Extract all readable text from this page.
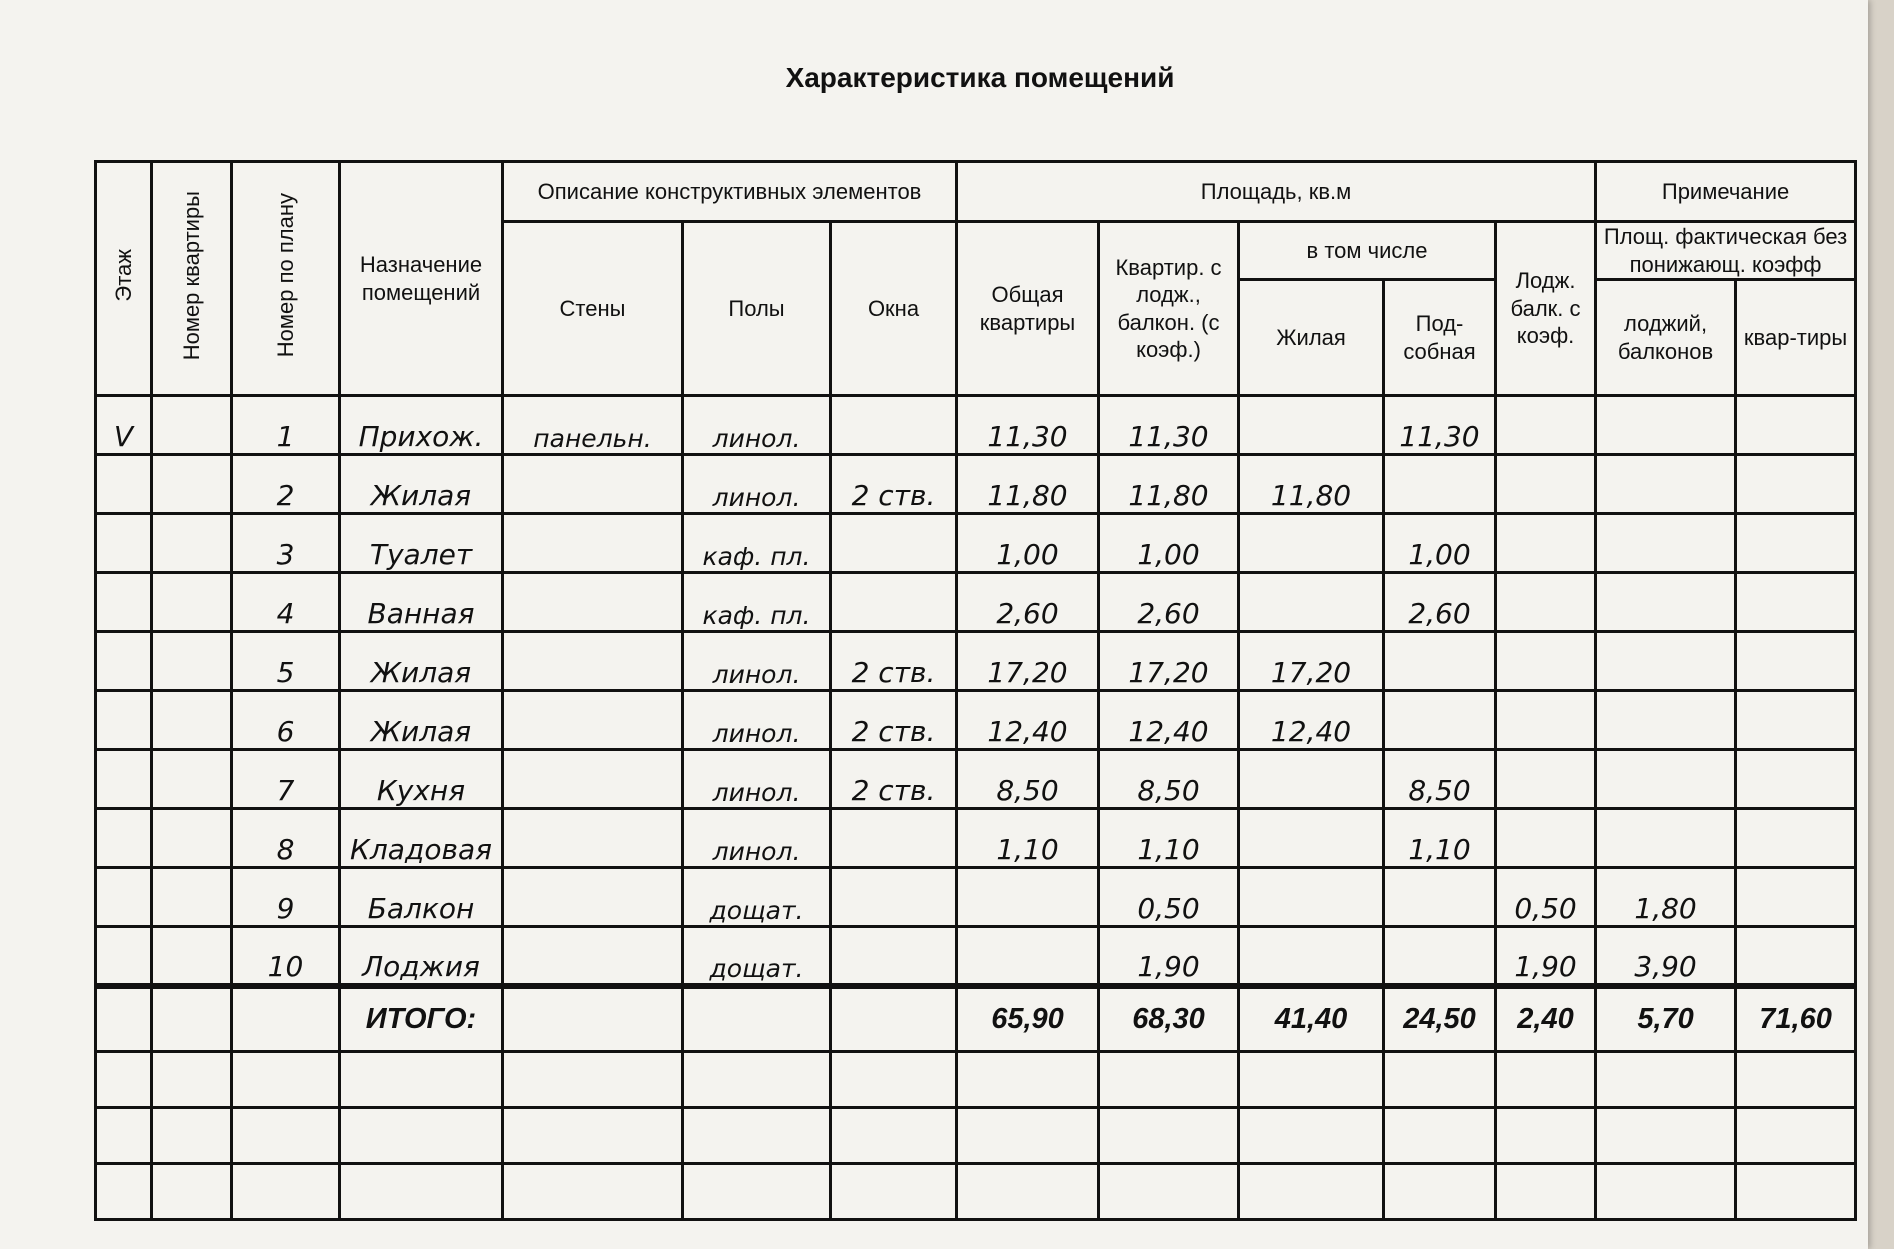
Характеристика помещений
Этаж	Номер квартиры	Номер по плану	Назначение помещений	Описание конструктивных элементов			Площадь, кв.м					Примечание	
				Стены	Полы	Окна	Общая квартиры	Квартир. с лодж., балкон. (с коэф.)	в том числе		Лодж. балк. с коэф.	Площ. фактическая без понижающ. коэфф	
									Жилая	Под-собная		лоджий, балконов	квар-тиры

V		1	Прихож.	панельн.	линол.		11,30	11,30		11,30			
		2	Жилая		линол.	2 ств.	11,80	11,80	11,80				
		3	Туалет		каф. пл.		1,00	1,00		1,00			
		4	Ванная		каф. пл.		2,60	2,60		2,60			
		5	Жилая		линол.	2 ств.	17,20	17,20	17,20				
		6	Жилая		линол.	2 ств.	12,40	12,40	12,40				
		7	Кухня		линол.	2 ств.	8,50	8,50		8,50			
		8	Кладовая		линол.		1,10	1,10		1,10			
		9	Балкон		дощат.			0,50			0,50	1,80	
		10	Лоджия		дощат.			1,90			1,90	3,90	
			ИТОГО:				65,90	68,30	41,40	24,50	2,40	5,70	71,60
